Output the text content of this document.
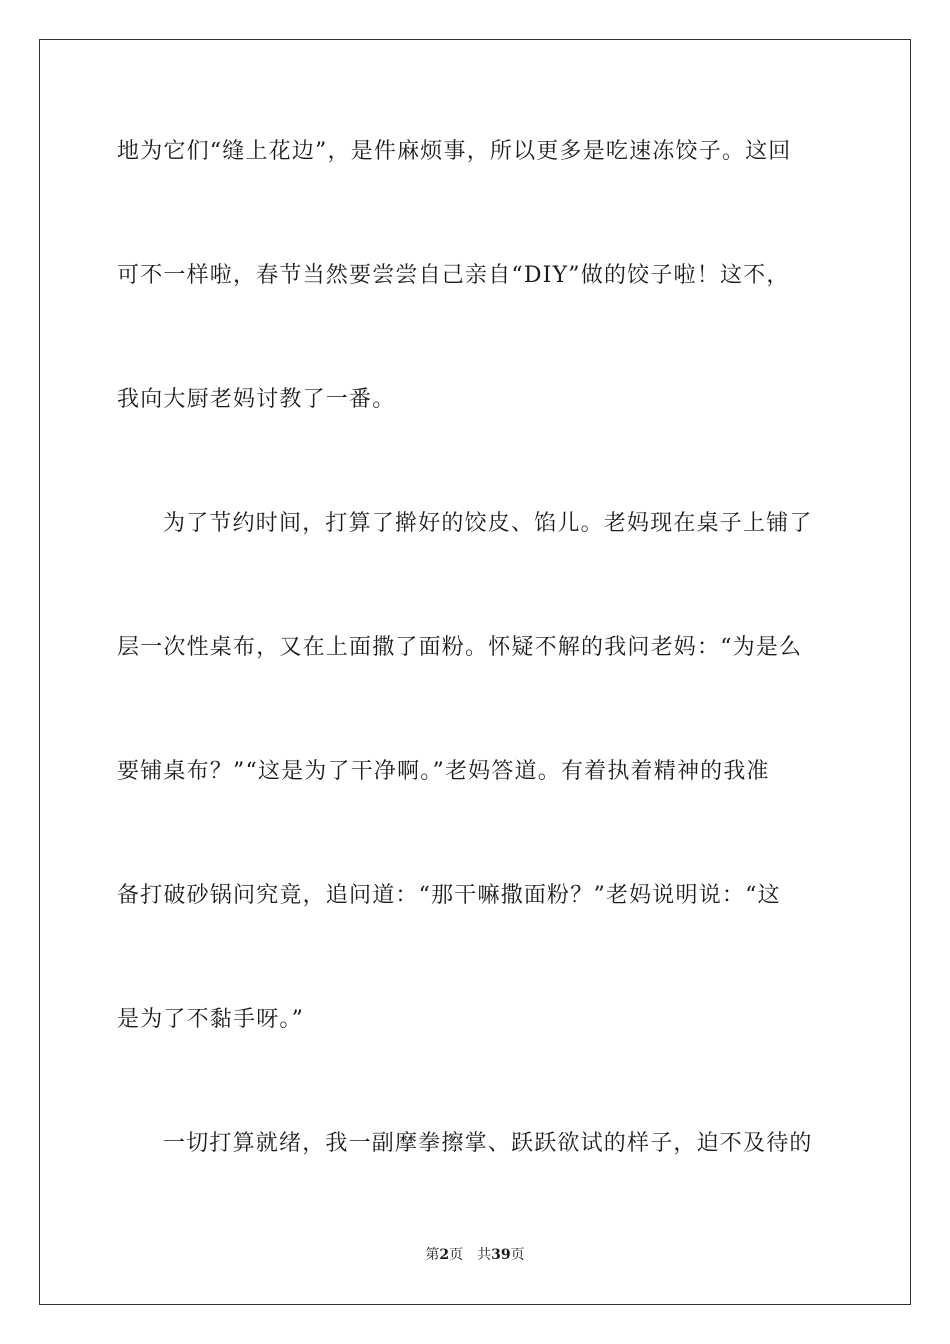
地为它们“缝上花边”，是件麻烦事，所以更多是吃速冻饺子。这回
可不一样啦，春节当然要尝尝自己亲自“DIY”做的饺子啦！这不，
我向大厨老妈讨教了一番。
为了节约时间，打算了擀好的饺皮、馅儿。老妈现在桌子上铺了
层一次性桌布，又在上面撒了面粉。怀疑不解的我问老妈：“为是么
要铺桌布？”“这是为了干净啊。”老妈答道。有着执着精神的我准
备打破砂锅问究竟，追问道：“那干嘛撒面粉？”老妈说明说：“这
是为了不黏手呀。”
一切打算就绪，我一副摩拳擦掌、跃跃欲试的样子，迫不及待的
第2页 共39页
